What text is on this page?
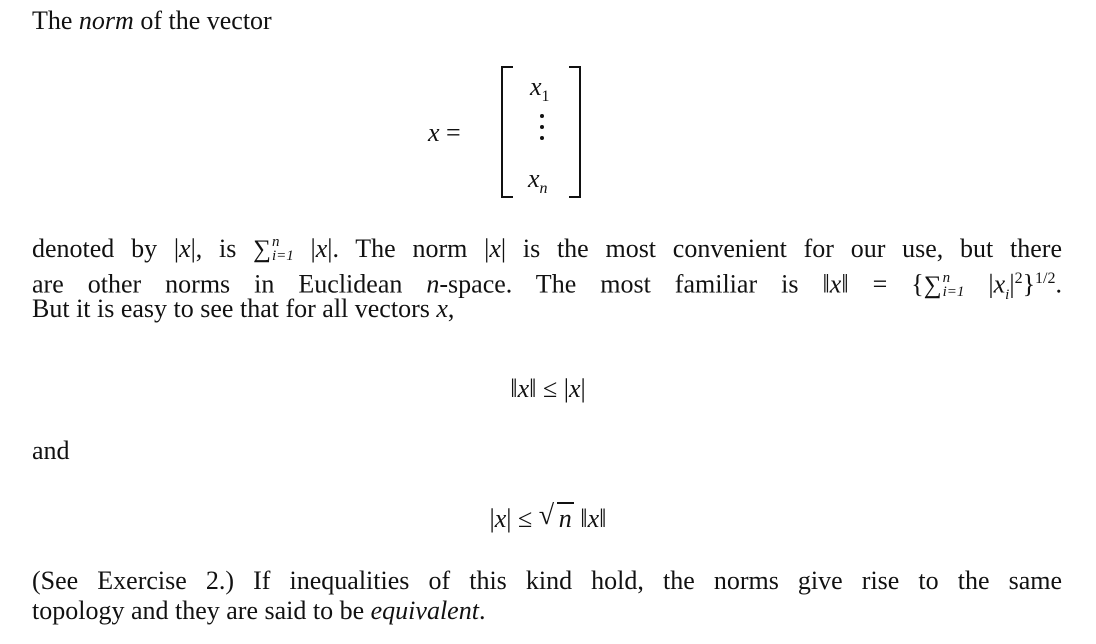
The norm of the vector
x =
$x_1$
$x_n$
denoted by |x|, is ∑ n
i=1 |x|. The norm |x| is the most convenient for our use, but there
are other norms in Euclidean n-space. The most familiar is ‖x‖ = {∑ n
i=1 $|x_i|^2\}^{1/2}$.
But it is easy to see that for all vectors x,
‖x‖ ≤ |x|
and
|x| ≤ √ n ‖x‖
(See Exercise 2.) If inequalities of this kind hold, the norms give rise to the same
topology and they are said to be equivalent.
